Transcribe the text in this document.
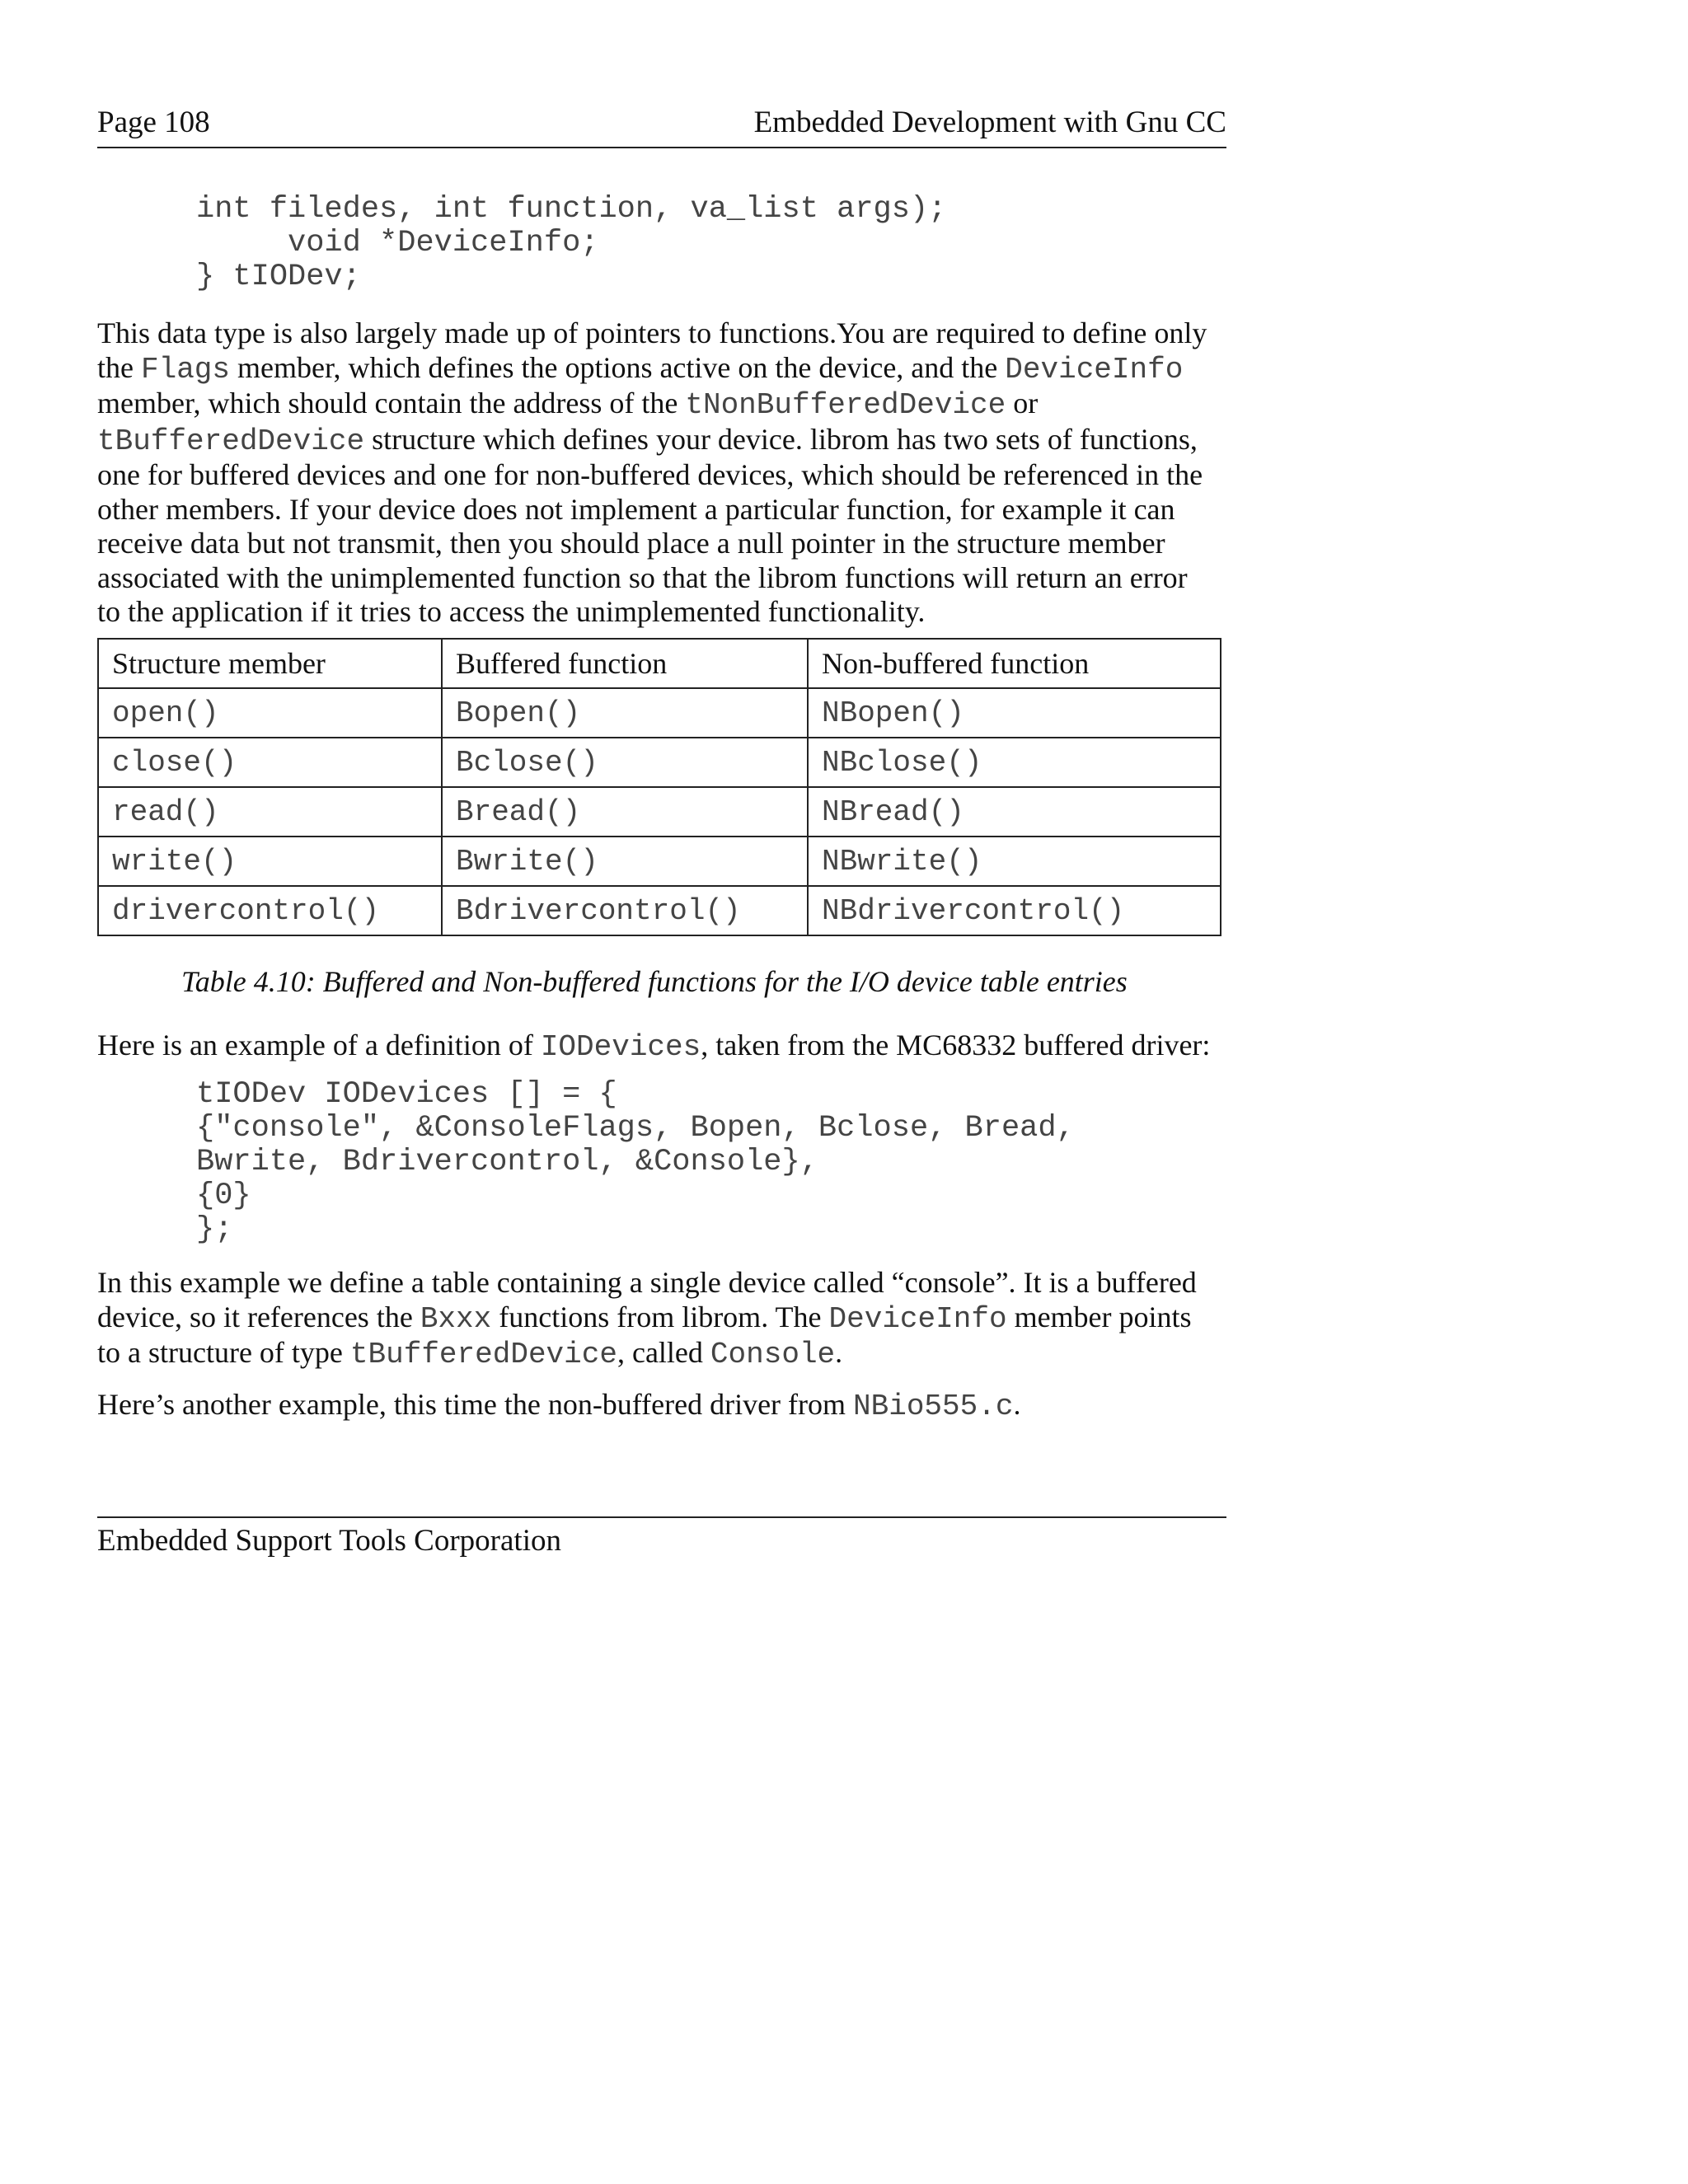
Page 108	Embedded Development with Gnu CC
int filedes, int function, va_list args);
void *DeviceInfo;
} tIODev;
This data type is also largely made up of pointers to functions.You are required to define only
the Flags member, which defines the options active on the device, and the DeviceInfo
member, which should contain the address of the tNonBufferedDevice or
tBufferedDevice structure which defines your device. librom has two sets of functions,
one for buffered devices and one for non-buffered devices, which should be referenced in the
other members. If your device does not implement a particular function, for example it can
receive data but not transmit, then you should place a null pointer in the structure member
associated with the unimplemented function so that the librom functions will return an error
to the application if it tries to access the unimplemented functionality.
Structure member	Buffered function	Non-buffered function
open()	Bopen()	NBopen()
close()	Bclose()	NBclose()
read()	Bread()	NBread()
write()	Bwrite()	NBwrite()
drivercontrol()	Bdrivercontrol()	NBdrivercontrol()
Table 4.10: Buffered and Non-buffered functions for the I/O device table entries
Here is an example of a definition of IODevices, taken from the MC68332 buffered driver:
tIODev IODevices [] = {
{"console", &ConsoleFlags, Bopen, Bclose, Bread,
Bwrite, Bdrivercontrol, &Console},
{0}
};
In this example we define a table containing a single device called “console”. It is a buffered
device, so it references the Bxxx functions from librom. The DeviceInfo member points
to a structure of type tBufferedDevice, called Console.
Here’s another example, this time the non-buffered driver from NBio555.c.
Embedded Support Tools Corporation
